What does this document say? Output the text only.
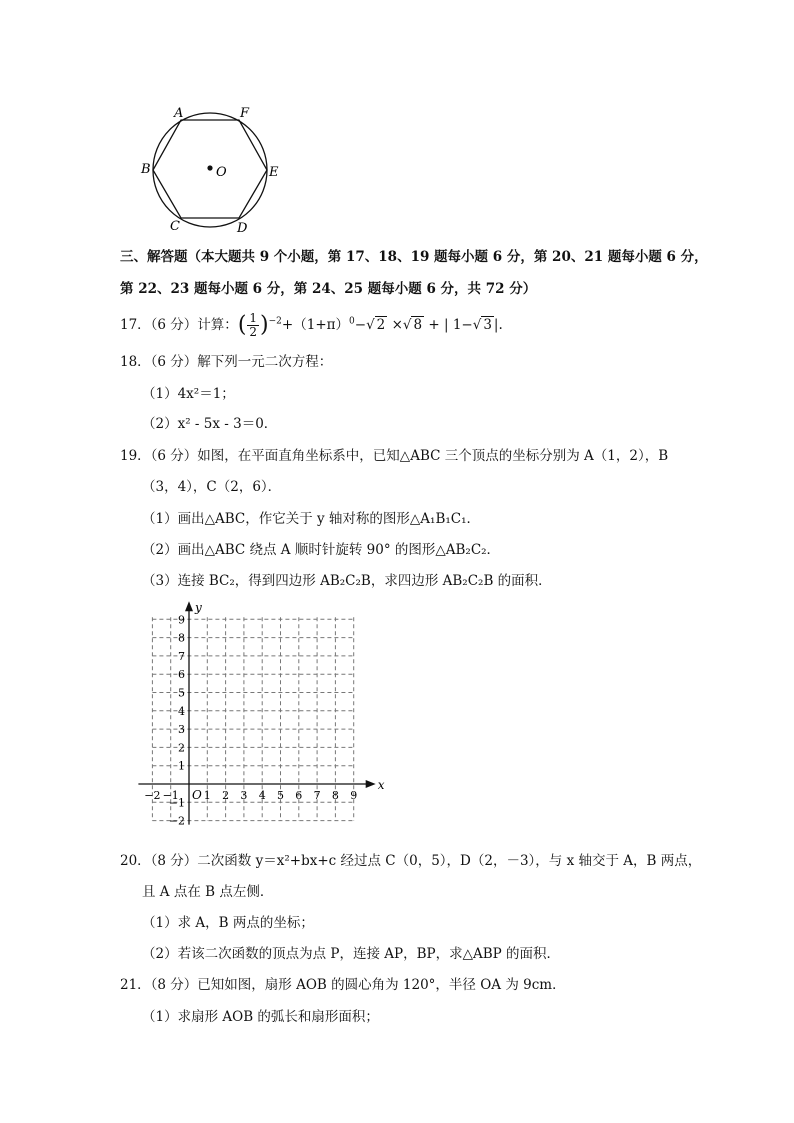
A	F
B	E
C	D
O
三、解答题（本大题共 9 个小题，第 17、18、19 题每小题 6 分，第 20、21 题每小题 6 分，
第 22、23 题每小题 6 分，第 24、25 题每小题 6 分，共 72 分）
17．（6 分）计算：( $\frac{1}{2} )^{-2}+(1+\pi)^0-√$ 2 ×√ 8 + | 1−√ 3 |.
18．（6 分）解下列一元二次方程：
（1）4x²＝1；
（2）x² - 5x - 3＝0．
19．（6 分）如图，在平面直角坐标系中，已知△ABC 三个顶点的坐标分别为 A（1，2），B
（3，4），C（2，6）．
（1）画出△ABC，作它关于 y 轴对称的图形△A₁B₁C₁．
（2）画出△ABC 绕点 A 顺时针旋转 90° 的图形△AB₂C₂．
（3）连接 BC₂，得到四边形 AB₂C₂B，求四边形 AB₂C₂B 的面积．
x
y
O
−2 −1 1 2 3 4 5 6 7 8 9
9
8
7
6
5
4
3
2
1
−1
−2
20．（8 分）二次函数 y＝x²+bx+c 经过点 C（0，5），D（2，－3），与 x 轴交于 A，B 两点，
且 A 点在 B 点左侧．
（1）求 A，B 两点的坐标；
（2）若该二次函数的顶点为点 P，连接 AP，BP，求△ABP 的面积．
21．（8 分）已知如图，扇形 AOB 的圆心角为 120°，半径 OA 为 9cm．
（1）求扇形 AOB 的弧长和扇形面积；
